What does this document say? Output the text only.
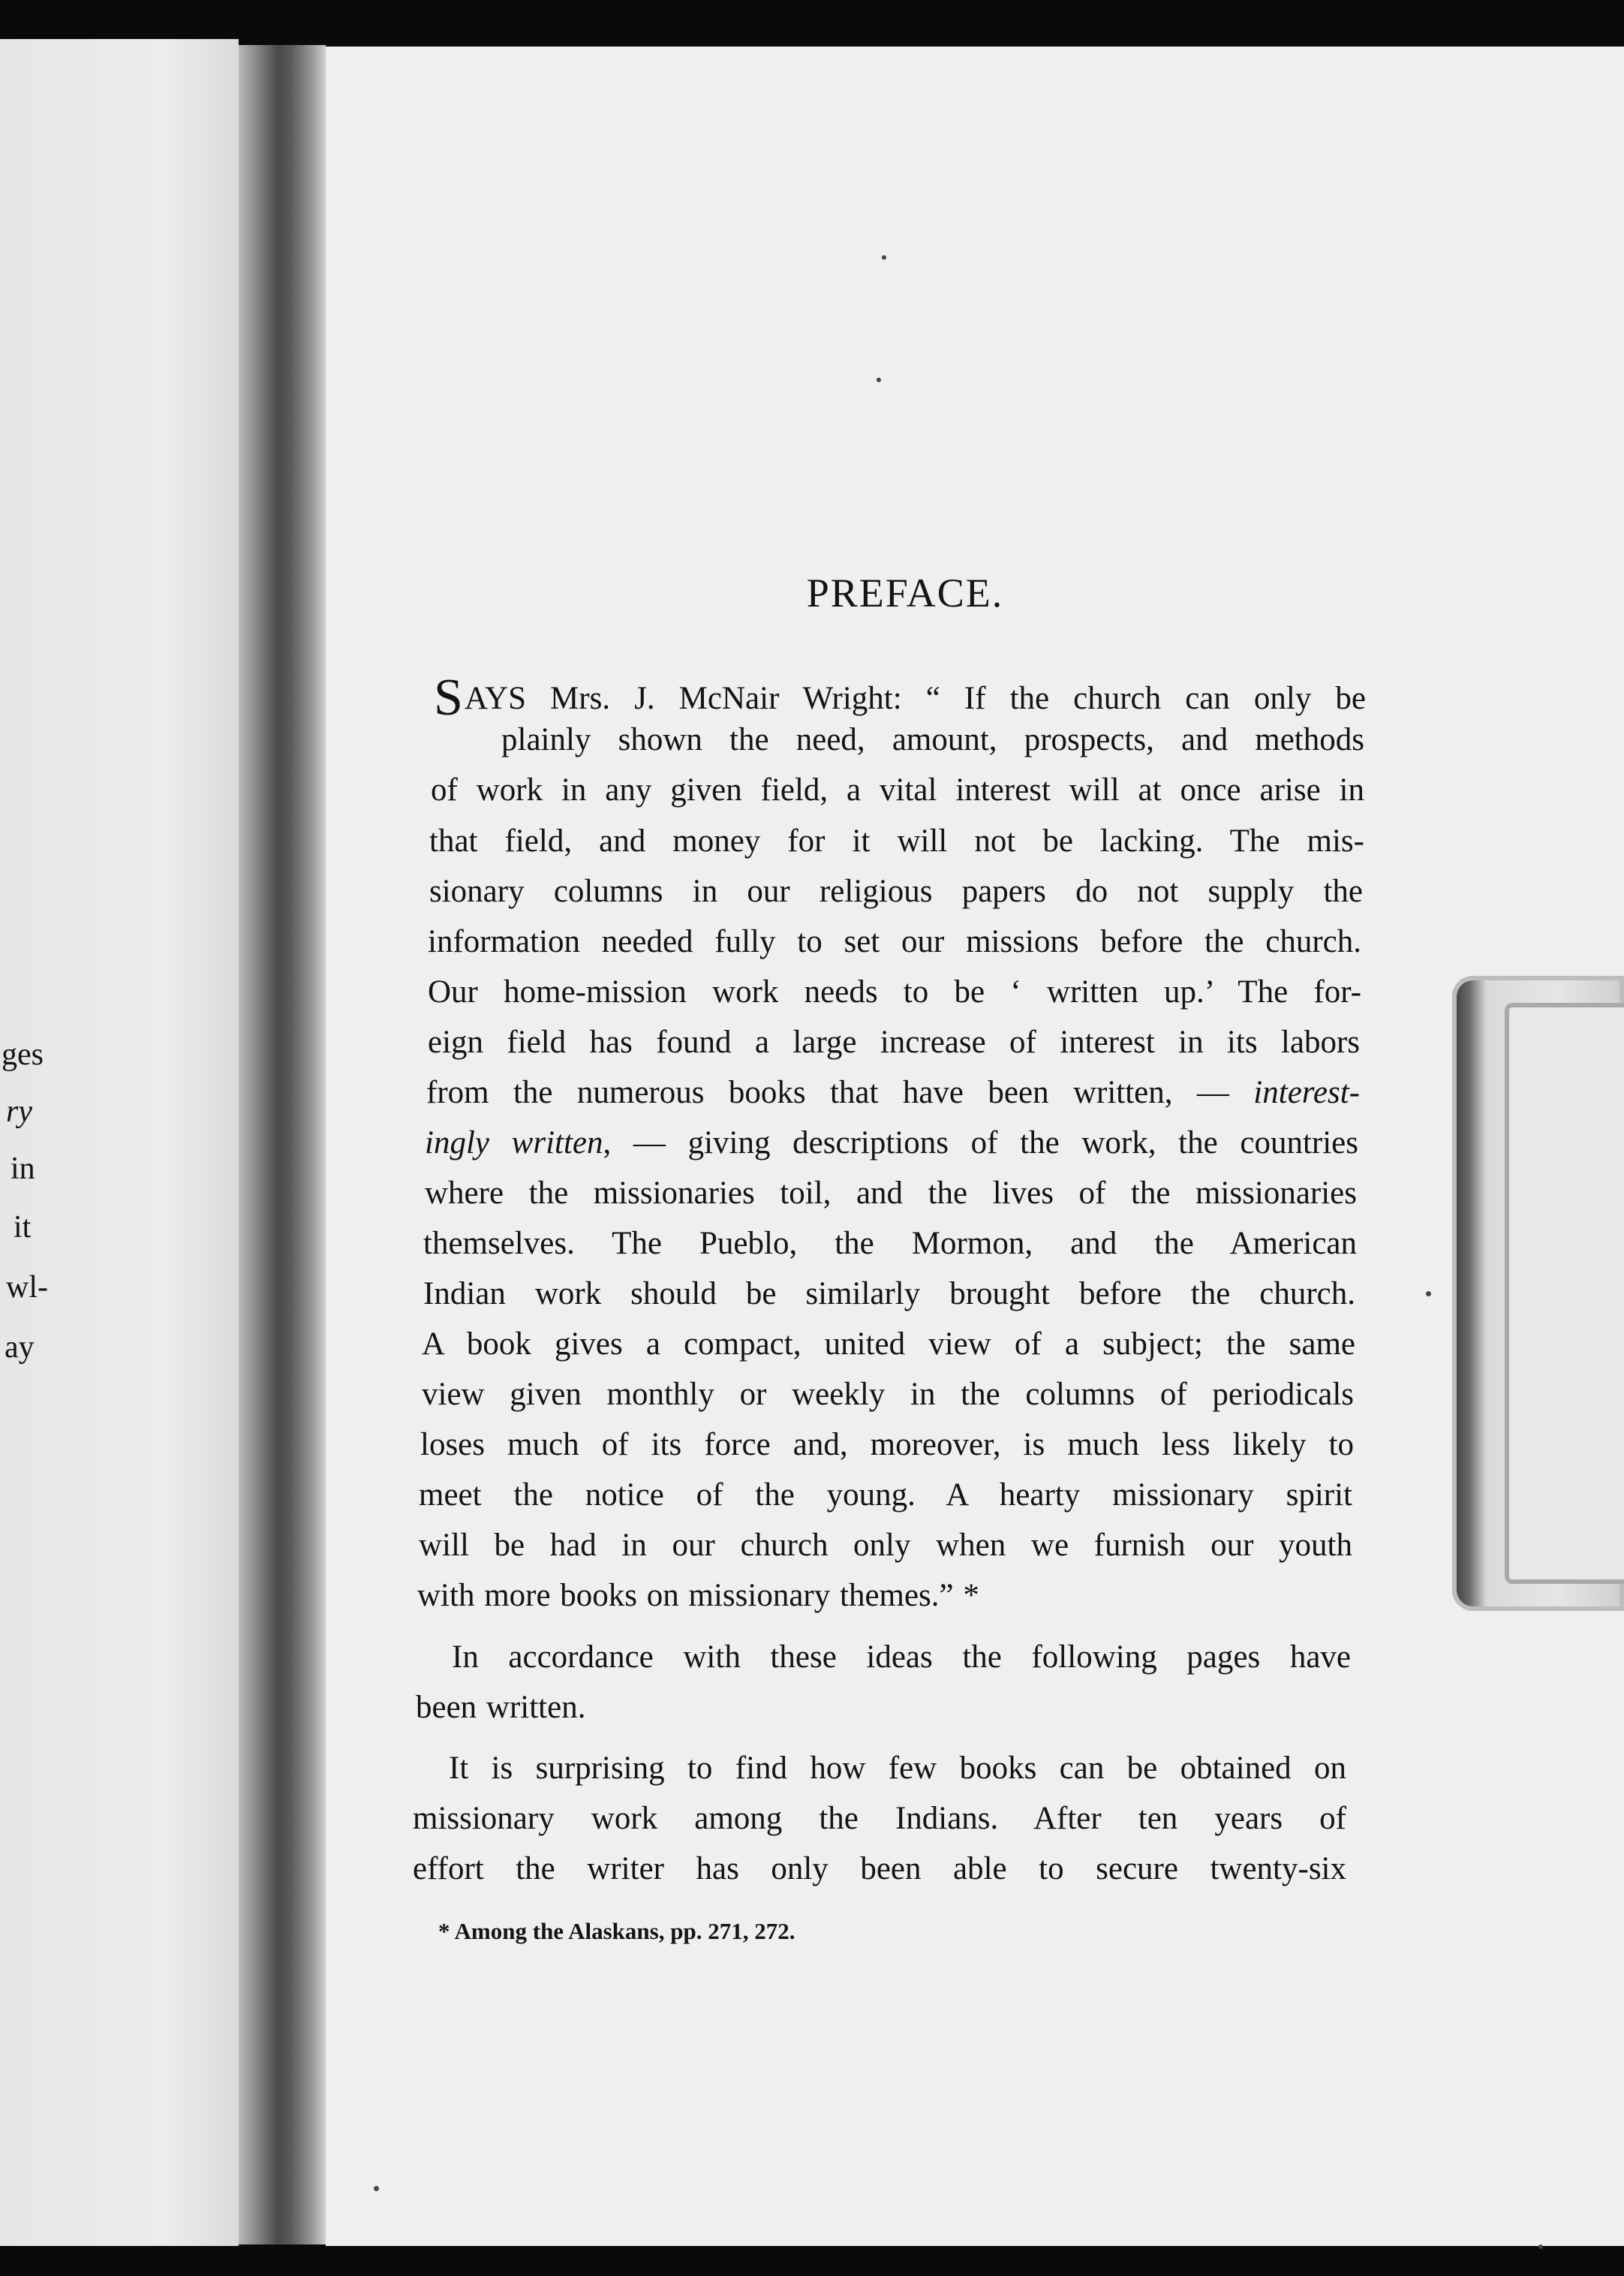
ges
ry
in
it
wl-
ay
PREFACE.
SAYS Mrs. J. McNair Wright: “ If the church can only be
plainly shown the need, amount, prospects, and methods
of work in any given field, a vital interest will at once arise in
that field, and money for it will not be lacking. The mis-
sionary columns in our religious papers do not supply the
information needed fully to set our missions before the church.
Our home-mission work needs to be ‘ written up.’ The for-
eign field has found a large increase of interest in its labors
from the numerous books that have been written, — interest-
ingly written, — giving descriptions of the work, the countries
where the missionaries toil, and the lives of the missionaries
themselves. The Pueblo, the Mormon, and the American
Indian work should be similarly brought before the church.
A book gives a compact, united view of a subject; the same
view given monthly or weekly in the columns of periodicals
loses much of its force and, moreover, is much less likely to
meet the notice of the young. A hearty missionary spirit
will be had in our church only when we furnish our youth
with more books on missionary themes.” *
In accordance with these ideas the following pages have
been written.
It is surprising to find how few books can be obtained on
missionary work among the Indians. After ten years of
effort the writer has only been able to secure twenty-six
* Among the Alaskans, pp. 271, 272.
